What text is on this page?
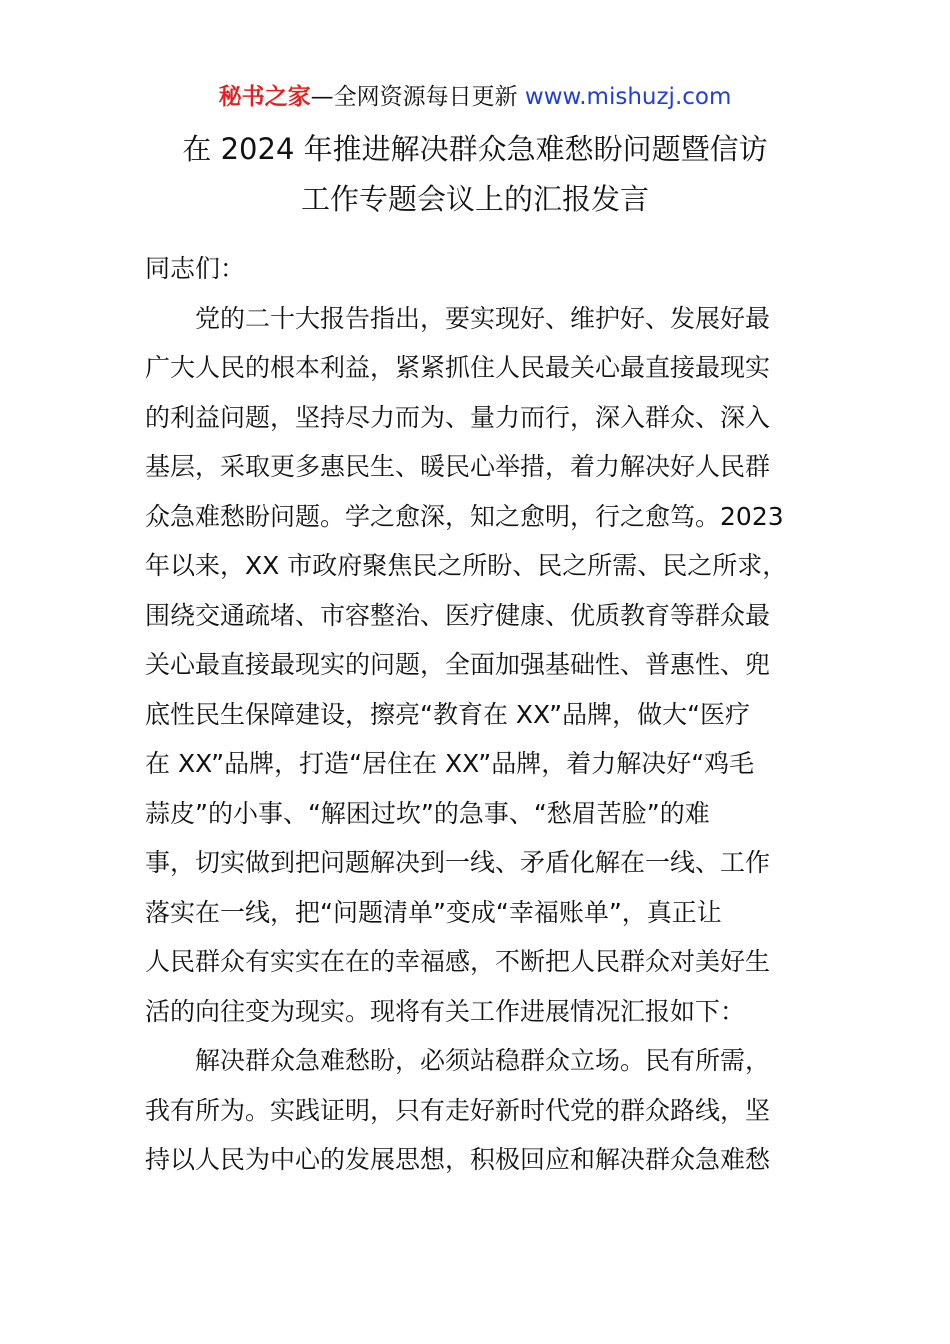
秘书之家—全网资源每日更新 www.mishuzj.com
在 2024 年推进解决群众急难愁盼问题暨信访
工作专题会议上的汇报发言
同志们：
　　党的二十大报告指出，要实现好、维护好、发展好最
广大人民的根本利益，紧紧抓住人民最关心最直接最现实
的利益问题，坚持尽力而为、量力而行，深入群众、深入
基层，采取更多惠民生、暖民心举措，着力解决好人民群
众急难愁盼问题。学之愈深，知之愈明，行之愈笃。2023
年以来，XX 市政府聚焦民之所盼、民之所需、民之所求，
围绕交通疏堵、市容整治、医疗健康、优质教育等群众最
关心最直接最现实的问题，全面加强基础性、普惠性、兜
底性民生保障建设，擦亮“教育在 XX”品牌，做大“医疗
在 XX”品牌，打造“居住在 XX”品牌，着力解决好“鸡毛
蒜皮”的小事、“解困过坎”的急事、“愁眉苦脸”的难
事，切实做到把问题解决到一线、矛盾化解在一线、工作
落实在一线，把“问题清单”变成“幸福账单”，真正让
人民群众有实实在在的幸福感，不断把人民群众对美好生
活的向往变为现实。现将有关工作进展情况汇报如下：
　　解决群众急难愁盼，必须站稳群众立场。民有所需，
我有所为。实践证明，只有走好新时代党的群众路线，坚
持以人民为中心的发展思想，积极回应和解决群众急难愁
